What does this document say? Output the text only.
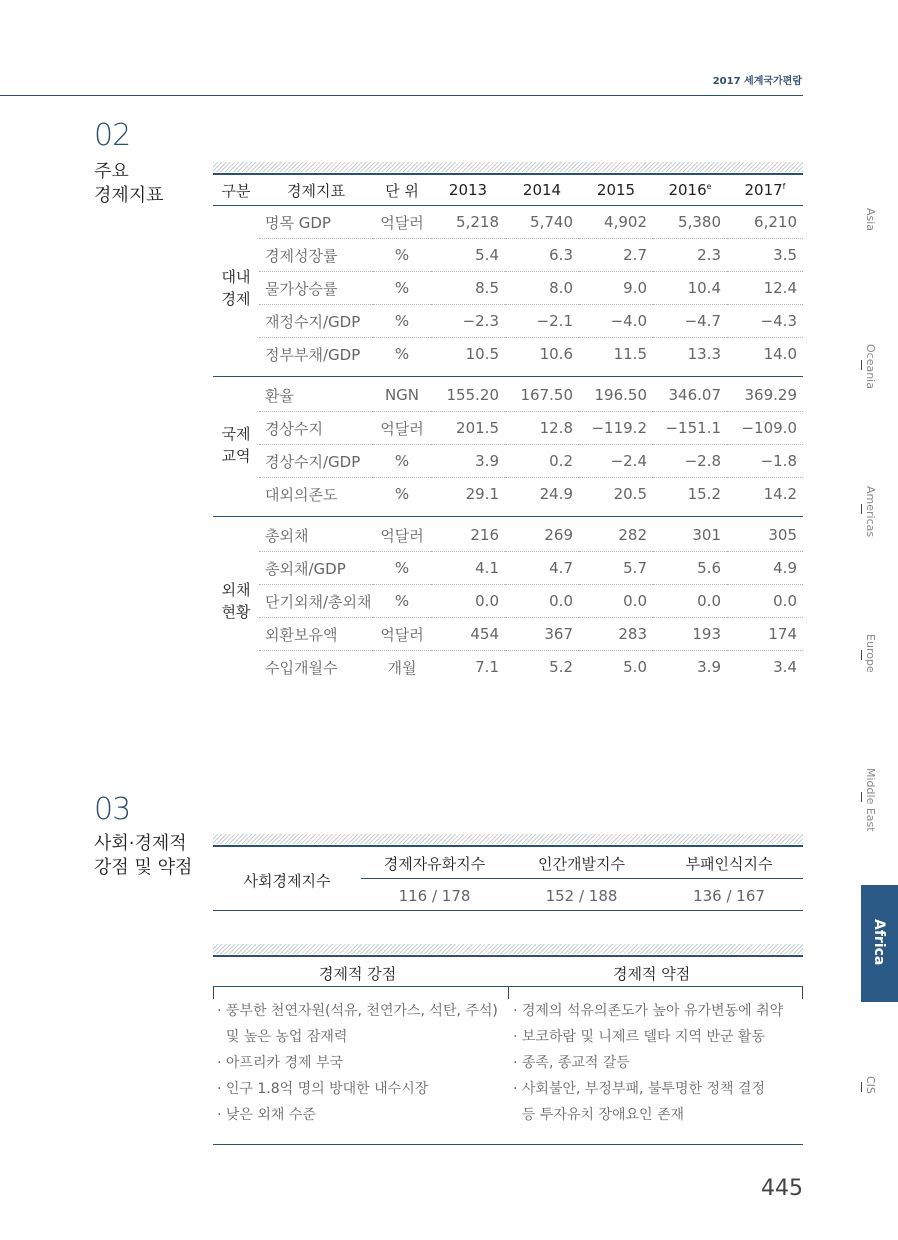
2017 세계국가편람
02
주요
경제지표	구분	경제지표	단 위	2013	2014	2015	2016e	2017$^f$

대내
경제	명목 GDP	억달러	5,218	5,740	4,902	5,380	6,210
	경제성장률	%	5.4	6.3	2.7	2.3	3.5
	물가상승률	%	8.5	8.0	9.0	10.4	12.4
	재정수지/GDP	%	−2.3	−2.1	−4.0	−4.7	−4.3
	정부부채/GDP	%	10.5	10.6	11.5	13.3	14.0

국제
교역	환율	NGN	155.20	167.50	196.50	346.07	369.29
	경상수지	억달러	201.5	12.8	−119.2	−151.1	−109.0
	경상수지/GDP	%	3.9	0.2	−2.4	−2.8	−1.8
	대외의존도	%	29.1	24.9	20.5	15.2	14.2

외채
현황	총외채	억달러	216	269	282	301	305
	총외채/GDP	%	4.1	4.7	5.7	5.6	4.9
	단기외채/총외채	%	0.0	0.0	0.0	0.0	0.0
	외환보유액	억달러	454	367	283	193	174
	수입개월수	개월	7.1	5.2	5.0	3.9	3.4
03
사회·경제적
강점 및 약점
사회경제지수	경제자유화지수	인간개발지수	부패인식지수
	116 / 178	152 / 188	136 / 167
경제적 강점	경제적 약점
· 풍부한 천연자원(석유, 천연가스, 석탄, 주석)
및 높은 농업 잠재력
· 아프리카 경제 부국
· 인구 1.8억 명의 방대한 내수시장
· 낮은 외채 수준
· 경제의 석유의존도가 높아 유가변동에 취약
· 보코하람 및 니제르 델타 지역 반군 활동
· 종족, 종교적 갈등
· 사회불안, 부정부패, 불투명한 정책 결정
등 투자유치 장애요인 존재
Asia
Oceania
Americas
Europe
Middle East
Africa
CIS
445
